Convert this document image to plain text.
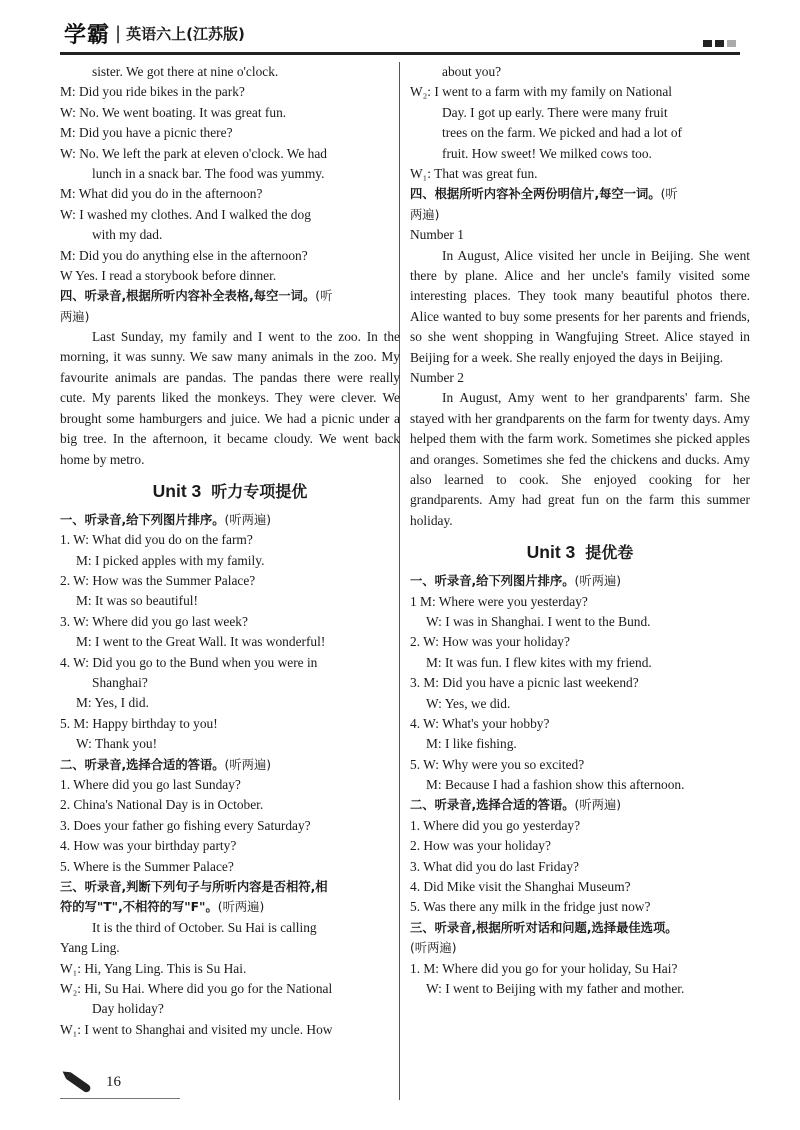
学霸 | 英语六上(江苏版)
sister. We got there at nine o'clock.
M: Did you ride bikes in the park?
W: No. We went boating. It was great fun.
M: Did you have a picnic there?
W: No. We left the park at eleven o'clock. We had
lunch in a snack bar. The food was yummy.
M: What did you do in the afternoon?
W: I washed my clothes. And I walked the dog
with my dad.
M: Did you do anything else in the afternoon?
W Yes. I read a storybook before dinner.
四、听录音,根据所听内容补全表格,每空一词。(听
两遍)
Last Sunday, my family and I went to the zoo. In the morning, it was sunny. We saw many animals in the zoo. My favourite animals are pandas. The pandas there were really cute. My parents liked the monkeys. They were clever. We brought some hamburgers and juice. We had a picnic under a big tree. In the afternoon, it became cloudy. We went back home by metro.
Unit 3 听力专项提优
一、听录音,给下列图片排序。(听两遍)
1. W: What did you do on the farm?
M: I picked apples with my family.
2. W: How was the Summer Palace?
M: It was so beautiful!
3. W: Where did you go last week?
M: I went to the Great Wall. It was wonderful!
4. W: Did you go to the Bund when you were in
Shanghai?
M: Yes, I did.
5. M: Happy birthday to you!
W: Thank you!
二、听录音,选择合适的答语。(听两遍)
1. Where did you go last Sunday?
2. China's National Day is in October.
3. Does your father go fishing every Saturday?
4. How was your birthday party?
5. Where is the Summer Palace?
三、听录音,判断下列句子与所听内容是否相符,相
符的写"T",不相符的写"F"。(听两遍)
It is the third of October. Su Hai is calling
Yang Ling.
W₁: Hi, Yang Ling. This is Su Hai.
W₂: Hi, Su Hai. Where did you go for the National
Day holiday?
W₁: I went to Shanghai and visited my uncle. How
about you?
W₂: I went to a farm with my family on National
Day. I got up early. There were many fruit
trees on the farm. We picked and had a lot of
fruit. How sweet! We milked cows too.
W₁: That was great fun.
四、根据所听内容补全两份明信片,每空一词。(听
两遍)
Number 1
In August, Alice visited her uncle in Beijing. She went there by plane. Alice and her uncle's family visited some interesting places. They took many beautiful photos there. Alice wanted to buy some presents for her parents and friends, so she went shopping in Wangfujing Street. Alice stayed in Beijing for a week. She really enjoyed the days in Beijing.
Number 2
In August, Amy went to her grandparents' farm. She stayed with her grandparents on the farm for twenty days. Amy helped them with the farm work. Sometimes she picked apples and oranges. Sometimes she fed the chickens and ducks. Amy also learned to cook. She enjoyed cooking for her grandparents. Amy had great fun on the farm this summer holiday.
Unit 3 提优卷
一、听录音,给下列图片排序。(听两遍)
1 M: Where were you yesterday?
W: I was in Shanghai. I went to the Bund.
2. W: How was your holiday?
M: It was fun. I flew kites with my friend.
3. M: Did you have a picnic last weekend?
W: Yes, we did.
4. W: What's your hobby?
M: I like fishing.
5. W: Why were you so excited?
M: Because I had a fashion show this afternoon.
二、听录音,选择合适的答语。(听两遍)
1. Where did you go yesterday?
2. How was your holiday?
3. What did you do last Friday?
4. Did Mike visit the Shanghai Museum?
5. Was there any milk in the fridge just now?
三、听录音,根据所听对话和问题,选择最佳选项。
(听两遍)
1. M: Where did you go for your holiday, Su Hai?
W: I went to Beijing with my father and mother.
16
